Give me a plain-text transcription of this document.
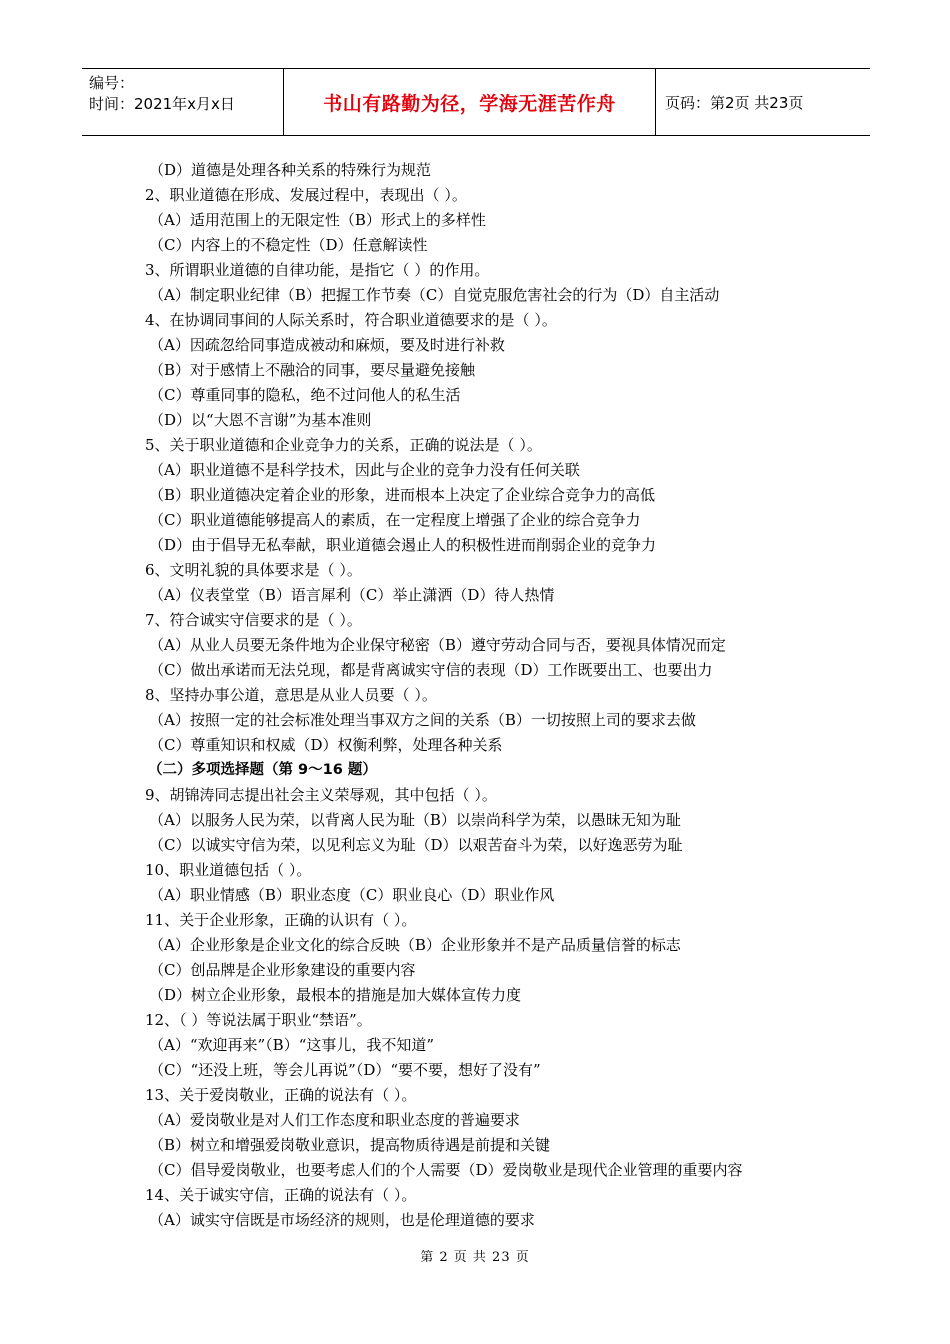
编号：
时间：2021年x月x日	书山有路勤为径，学海无涯苦作舟	页码：第2页 共23页
（D）道德是处理各种关系的特殊行为规范
2、职业道德在形成、发展过程中，表现出（ ）。
（A）适用范围上的无限定性（B）形式上的多样性
（C）内容上的不稳定性（D）任意解读性
3、所谓职业道德的自律功能，是指它（ ）的作用。
（A）制定职业纪律（B）把握工作节奏（C）自觉克服危害社会的行为（D）自主活动
4、在协调同事间的人际关系时，符合职业道德要求的是（ ）。
（A）因疏忽给同事造成被动和麻烦，要及时进行补救
（B）对于感情上不融洽的同事，要尽量避免接触
（C）尊重同事的隐私，绝不过问他人的私生活
（D）以“大恩不言谢”为基本准则
5、关于职业道德和企业竞争力的关系，正确的说法是（ ）。
（A）职业道德不是科学技术，因此与企业的竞争力没有任何关联
（B）职业道德决定着企业的形象，进而根本上决定了企业综合竞争力的高低
（C）职业道德能够提高人的素质，在一定程度上增强了企业的综合竞争力
（D）由于倡导无私奉献，职业道德会遏止人的积极性进而削弱企业的竞争力
6、文明礼貌的具体要求是（ ）。
（A）仪表堂堂（B）语言犀利（C）举止潇洒（D）待人热情
7、符合诚实守信要求的是（ ）。
（A）从业人员要无条件地为企业保守秘密（B）遵守劳动合同与否，要视具体情况而定
（C）做出承诺而无法兑现，都是背离诚实守信的表现（D）工作既要出工、也要出力
8、坚持办事公道，意思是从业人员要（ ）。
（A）按照一定的社会标准处理当事双方之间的关系（B）一切按照上司的要求去做
（C）尊重知识和权威（D）权衡利弊，处理各种关系
（二）多项选择题（第 9～16 题）
9、胡锦涛同志提出社会主义荣辱观，其中包括（ ）。
（A）以服务人民为荣，以背离人民为耻（B）以崇尚科学为荣，以愚昧无知为耻
（C）以诚实守信为荣，以见利忘义为耻（D）以艰苦奋斗为荣，以好逸恶劳为耻
10、职业道德包括（ ）。
（A）职业情感（B）职业态度（C）职业良心（D）职业作风
11、关于企业形象，正确的认识有（ ）。
（A）企业形象是企业文化的综合反映（B）企业形象并不是产品质量信誉的标志
（C）创品牌是企业形象建设的重要内容
（D）树立企业形象，最根本的措施是加大媒体宣传力度
12、（ ）等说法属于职业“禁语”。
（A）“欢迎再来”（B）“这事儿，我不知道”
（C）“还没上班，等会儿再说”（D）“要不要，想好了没有”
13、关于爱岗敬业，正确的说法有（ ）。
（A）爱岗敬业是对人们工作态度和职业态度的普遍要求
（B）树立和增强爱岗敬业意识，提高物质待遇是前提和关键
（C）倡导爱岗敬业，也要考虑人们的个人需要（D）爱岗敬业是现代企业管理的重要内容
14、关于诚实守信，正确的说法有（ ）。
（A）诚实守信既是市场经济的规则，也是伦理道德的要求
第 2 页 共 23 页
